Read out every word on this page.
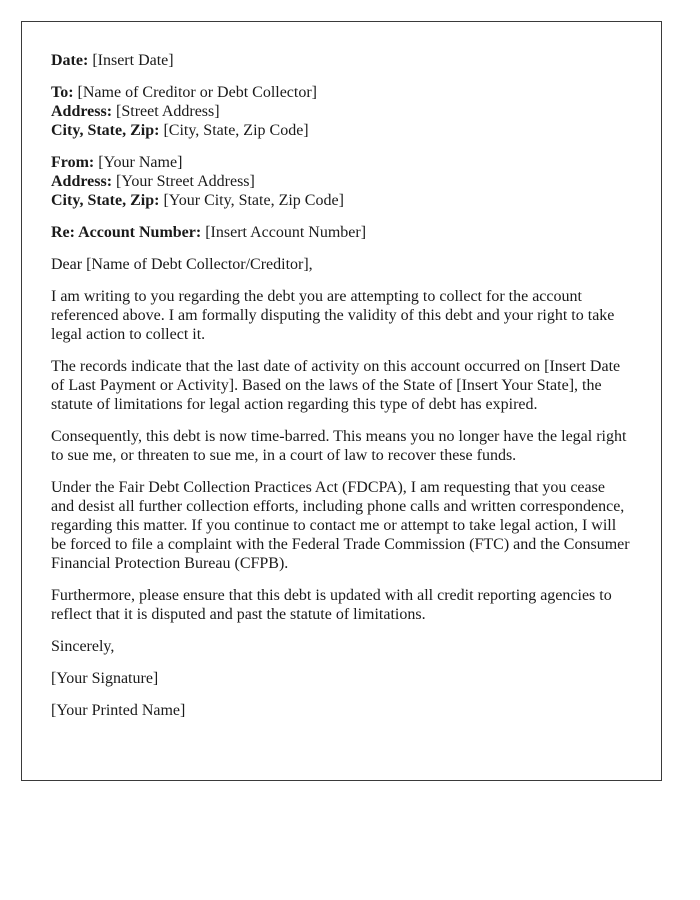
Date: [Insert Date]

To: [Name of Creditor or Debt Collector]

Address: [Street Address]

City, State, Zip: [City, State, Zip Code]

From: [Your Name]

Address: [Your Street Address]

City, State, Zip: [Your City, State, Zip Code]

Re: Account Number: [Insert Account Number]

Dear [Name of Debt Collector/Creditor],

I am writing to you regarding the debt you are attempting to collect for the account referenced above. I am formally disputing the validity of this debt and your right to take legal action to collect it.

The records indicate that the last date of activity on this account occurred on [Insert Date of Last Payment or Activity]. Based on the laws of the State of [Insert Your State], the statute of limitations for legal action regarding this type of debt has expired.

Consequently, this debt is now time-barred. This means you no longer have the legal right to sue me, or threaten to sue me, in a court of law to recover these funds.

Under the Fair Debt Collection Practices Act (FDCPA), I am requesting that you cease and desist all further collection efforts, including phone calls and written correspondence, regarding this matter. If you continue to contact me or attempt to take legal action, I will be forced to file a complaint with the Federal Trade Commission (FTC) and the Consumer Financial Protection Bureau (CFPB).

Furthermore, please ensure that this debt is updated with all credit reporting agencies to reflect that it is disputed and past the statute of limitations.

Sincerely,

[Your Signature]

[Your Printed Name]
